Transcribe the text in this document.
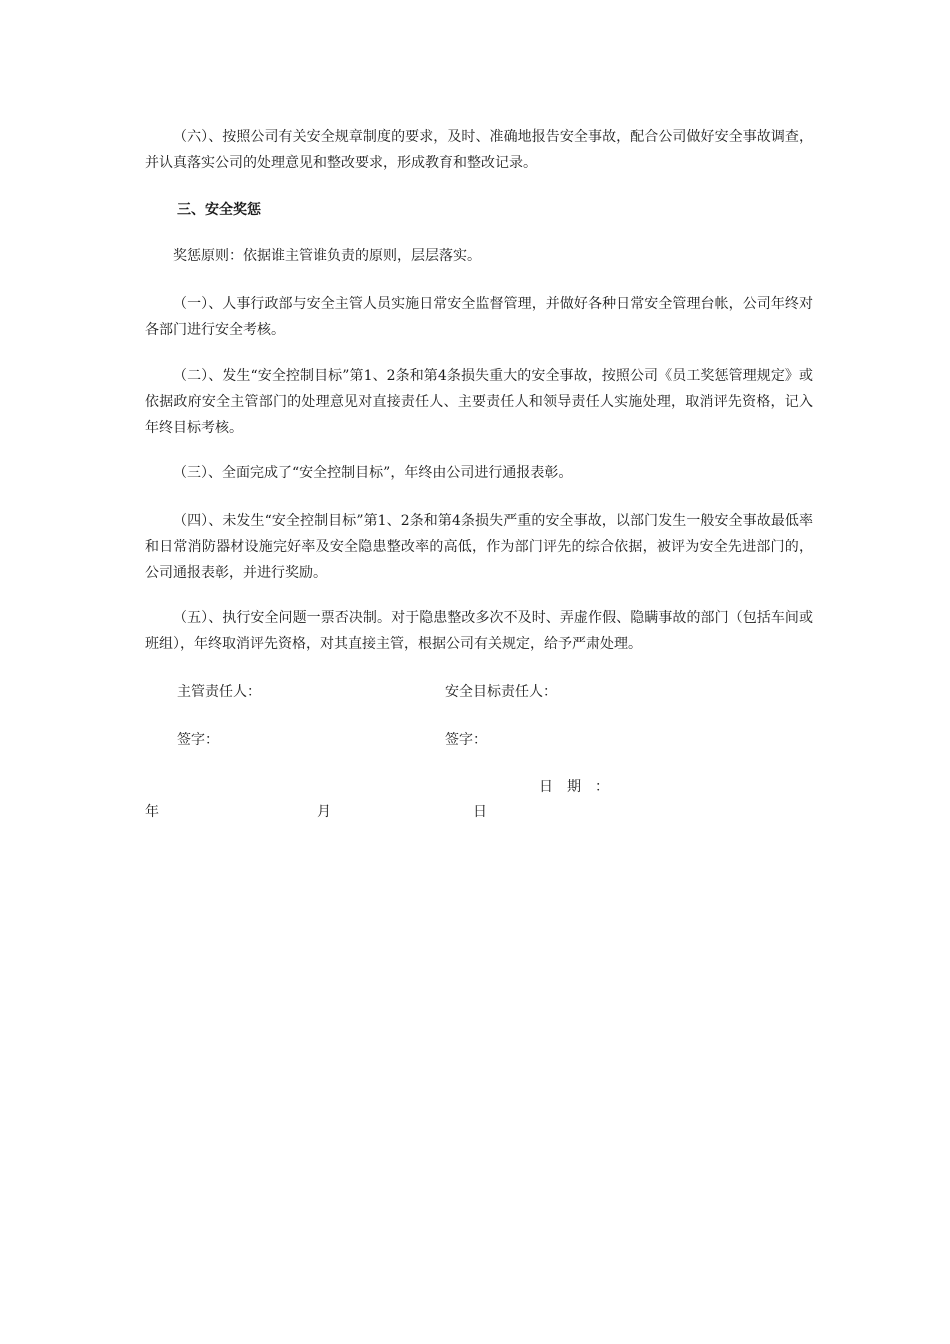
（六）、按照公司有关安全规章制度的要求，及时、准确地报告安全事故，配合公司做好安全事故调查，并认真落实公司的处理意见和整改要求，形成教育和整改记录。

三、安全奖惩

奖惩原则：依据谁主管谁负责的原则，层层落实。

（一）、人事行政部与安全主管人员实施日常安全监督管理，并做好各种日常安全管理台帐，公司年终对各部门进行安全考核。

（二）、发生“安全控制目标”第1、2条和第4条损失重大的安全事故，按照公司《员工奖惩管理规定》或依据政府安全主管部门的处理意见对直接责任人、主要责任人和领导责任人实施处理，取消评先资格，记入年终目标考核。

（三）、全面完成了“安全控制目标”，年终由公司进行通报表彰。

（四）、未发生“安全控制目标”第1、2条和第4条损失严重的安全事故，以部门发生一般安全事故最低率和日常消防器材设施完好率及安全隐患整改率的高低，作为部门评先的综合依据，被评为安全先进部门的，公司通报表彰，并进行奖励。

（五）、执行安全问题一票否决制。对于隐患整改多次不及时、弄虚作假、隐瞒事故的部门（包括车间或班组），年终取消评先资格，对其直接主管，根据公司有关规定，给予严肃处理。

主管责任人：	安全目标责任人：

签字：	签字：

日　期　：

年	月	日
